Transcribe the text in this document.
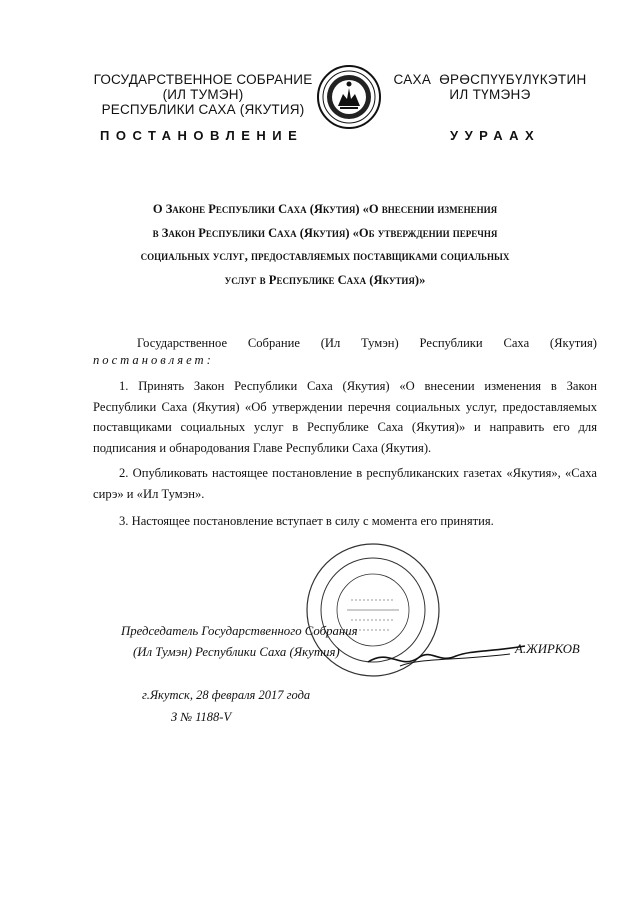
ГОСУДАРСТВЕННОЕ СОБРАНИЕ
(ИЛ ТУМЭН)
РЕСПУБЛИКИ САХА (ЯКУТИЯ)
САХА  ӨРӨСПҮҮБҮЛҮКЭТИН
ИЛ ТҮМЭНЭ
ПОСТАНОВЛЕНИЕ	УУРААХ
О Законе Республики Саха (Якутия) «О внесении изменения
в Закон Республики Саха (Якутия) «Об утверждении перечня
социальных услуг, предоставляемых поставщиками социальных
услуг в Республике Саха (Якутия)»
Государственное Собрание (Ил Тумэн) Республики Саха (Якутия)
постановляет:
1. Принять Закон Республики Саха (Якутия) «О внесении изменения в Закон Республики Саха (Якутия) «Об утверждении перечня социальных услуг, предоставляемых поставщиками социальных услуг в Республике Саха (Якутия)» и направить его для подписания и обнародования Главе Республики Саха (Якутия).
2. Опубликовать настоящее постановление в республиканских газетах «Якутия», «Саха сирэ» и «Ил Тумэн».
3. Настоящее постановление вступает в силу с момента его принятия.
Председатель Государственного Собрания
(Ил Тумэн) Республики Саха (Якутия)	А.ЖИРКОВ
г.Якутск, 28 февраля 2017 года
З № 1188-V
